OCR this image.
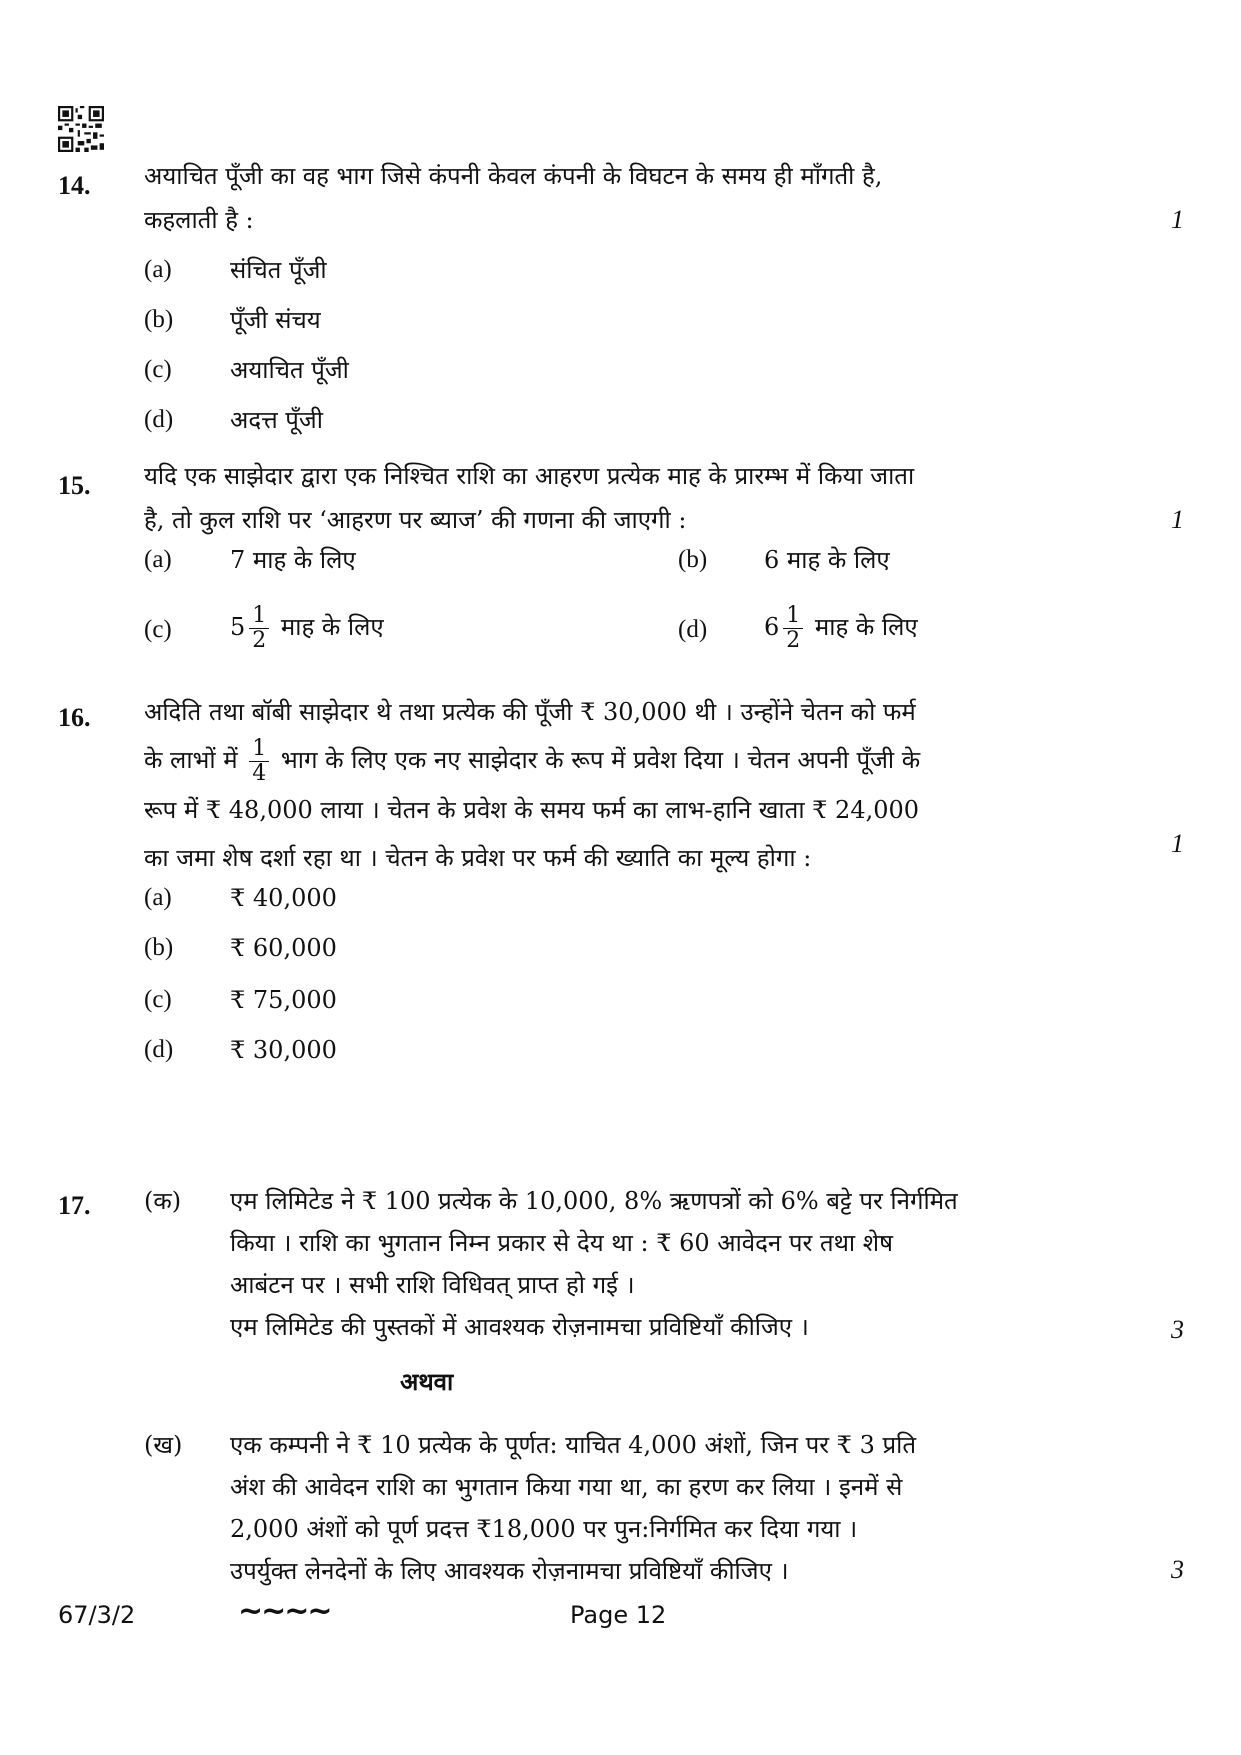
14. अयाचित पूँजी का वह भाग जिसे कंपनी केवल कंपनी के विघटन के समय ही माँगती है,
कहलाती है :	1
(a)	संचित पूँजी
(b)	पूँजी संचय
(c)	अयाचित पूँजी
(d)	अदत्त पूँजी
15. यदि एक साझेदार द्वारा एक निश्चित राशि का आहरण प्रत्येक माह के प्रारम्भ में किया जाता
है, तो कुल राशि पर ‘आहरण पर ब्याज’ की गणना की जाएगी :	1
(a)	7 माह के लिए	(b)	6 माह के लिए
(c)	$5 \frac{1}{2}$ माह के लिए	(d)	$6 \frac{1}{2}$ माह के लिए
16. अदिति तथा बॉबी साझेदार थे तथा प्रत्येक की पूँजी ₹ 30,000 थी । उन्होंने चेतन को फर्म
के लाभों में $\frac{1}{4}$ भाग के लिए एक नए साझेदार के रूप में प्रवेश दिया । चेतन अपनी पूँजी के
रूप में ₹ 48,000 लाया । चेतन के प्रवेश के समय फर्म का लाभ-हानि खाता ₹ 24,000
का जमा शेष दर्शा रहा था । चेतन के प्रवेश पर फर्म की ख्याति का मूल्य होगा :	1
(a)	₹ 40,000
(b)	₹ 60,000
(c)	₹ 75,000
(d)	₹ 30,000
17. (क)	एम लिमिटेड ने ₹ 100 प्रत्येक के 10,000, 8% ऋणपत्रों को 6% बट्टे पर निर्गमित
किया । राशि का भुगतान निम्न प्रकार से देय था : ₹ 60 आवेदन पर तथा शेष
आबंटन पर । सभी राशि विधिवत् प्राप्त हो गई ।
एम लिमिटेड की पुस्तकों में आवश्यक रोज़नामचा प्रविष्टियाँ कीजिए ।	3
अथवा
(ख)	एक कम्पनी ने ₹ 10 प्रत्येक के पूर्णत: याचित 4,000 अंशों, जिन पर ₹ 3 प्रति
अंश की आवेदन राशि का भुगतान किया गया था, का हरण कर लिया । इनमें से
2,000 अंशों को पूर्ण प्रदत्त ₹18,000 पर पुन:निर्गमित कर दिया गया ।
उपर्युक्त लेनदेनों के लिए आवश्यक रोज़नामचा प्रविष्टियाँ कीजिए ।	3
67/3/2	~~~~	Page 12
